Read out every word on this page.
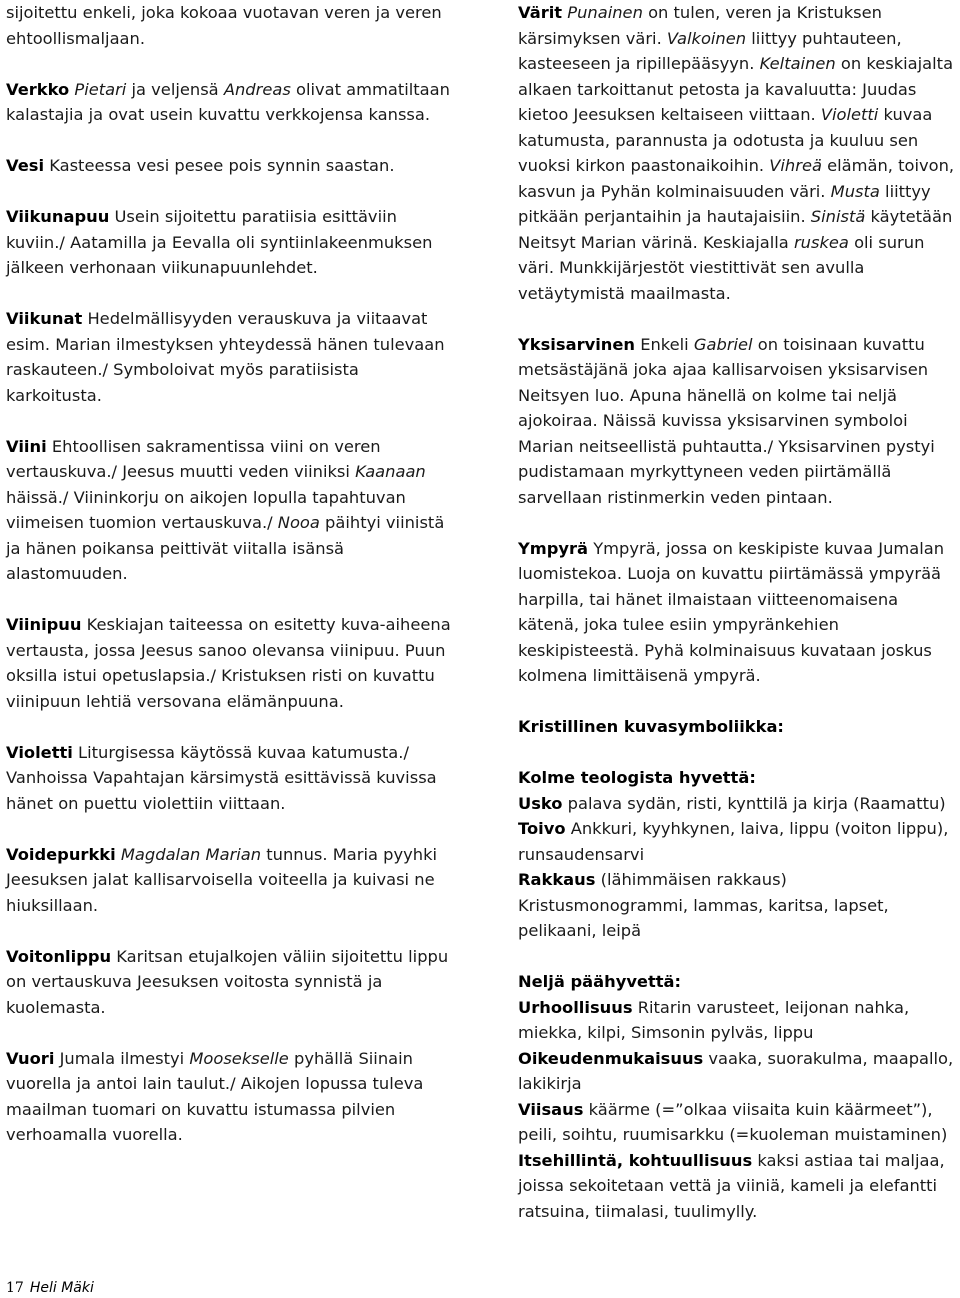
sijoitettu enkeli, joka kokoaa vuotavan veren ja veren ehtoollismaljaan.

Verkko Pietari ja veljensä Andreas olivat ammatiltaan kalastajia ja ovat usein kuvattu verkkojensa kanssa.

Vesi Kasteessa vesi pesee pois synnin saastan.

Viikunapuu Usein sijoitettu paratiisia esittäviin kuviin./ Aatamilla ja Eevalla oli syntiinlakeenmuksen jälkeen verhonaan viikunapuunlehdet.

Viikunat Hedelmällisyyden verauskuva ja viitaavat esim. Marian ilmestyksen yhteydessä hänen tulevaan raskauteen./ Symboloivat myös paratiisista karkoitusta.

Viini Ehtoollisen sakramentissa viini on veren vertauskuva./ Jeesus muutti veden viiniksi Kaanaan häissä./ Viininkorju on aikojen lopulla tapahtuvan viimeisen tuomion vertauskuva./ Nooa päihtyi viinistä ja hänen poikansa peittivät viitalla isänsä alastomuuden.

Viinipuu Keskiajan taiteessa on esitetty kuva-aiheena vertausta, jossa Jeesus sanoo olevansa viinipuu. Puun oksilla istui opetuslapsia./ Kristuksen risti on kuvattu viinipuun lehtiä versovana elämänpuuna.

Violetti Liturgisessa käytössä kuvaa katumusta./ Vanhoissa Vapahtajan kärsimystä esittävissä kuvissa hänet on puettu violettiin viittaan.

Voidepurkki Magdalan Marian tunnus. Maria pyyhki Jeesuksen jalat kallisarvoisella voiteella ja kuivasi ne hiuksillaan.

Voitonlippu Karitsan etujalkojen väliin sijoitettu lippu on vertauskuva Jeesuksen voitosta synnistä ja kuolemasta.

Vuori Jumala ilmestyi Moosekselle pyhällä Siinain vuorella ja antoi lain taulut./ Aikojen lopussa tuleva maailman tuomari on kuvattu istumassa pilvien verhoamalla vuorella.

Värit Punainen on tulen, veren ja Kristuksen kärsimyksen väri. Valkoinen liittyy puhtauteen, kasteeseen ja ripillepääsyyn. Keltainen on keskiajalta alkaen tarkoittanut petosta ja kavaluutta: Juudas kietoo Jeesuksen keltaiseen viittaan. Violetti kuvaa katumusta, parannusta ja odotusta ja kuuluu sen vuoksi kirkon paastonaikoihin. Vihreä elämän, toivon, kasvun ja Pyhän kolminaisuuden väri. Musta liittyy pitkään perjantaihin ja hautajaisiin. Sinistä käytetään Neitsyt Marian värinä. Keskiajalla ruskea oli surun väri. Munkkijärjestöt viestittivät sen avulla vetäytymistä maailmasta.

Yksisarvinen Enkeli Gabriel on toisinaan kuvattu metsästäjänä joka ajaa kallisarvoisen yksisarvisen Neitsyen luo. Apuna hänellä on kolme tai neljä ajokoiraa. Näissä kuvissa yksisarvinen symboloi Marian neitseellistä puhtautta./ Yksisarvinen pystyi pudistamaan myrkyttyneen veden piirtämällä sarvellaan ristinmerkin veden pintaan.

Ympyrä Ympyrä, jossa on keskipiste kuvaa Jumalan luomistekoa. Luoja on kuvattu piirtämässä ympyrää harpilla, tai hänet ilmaistaan viitteenomaisena kätenä, joka tulee esiin ympyränkehien keskipisteestä. Pyhä kolminaisuus kuvataan joskus kolmena limittäisenä ympyrä.

Kristillinen kuvasymboliikka:

Kolme teologista hyvettä:

Usko palava sydän, risti, kynttilä ja kirja (Raamattu)

Toivo Ankkuri, kyyhkynen, laiva, lippu (voiton lippu), runsaudensarvi

Rakkaus (lähimmäisen rakkaus) Kristusmonogrammi, lammas, karitsa, lapset, pelikaani, leipä

Neljä päähyvettä:

Urhoollisuus Ritarin varusteet, leijonan nahka, miekka, kilpi, Simsonin pylväs, lippu

Oikeudenmukaisuus vaaka, suorakulma, maapallo, lakikirja

Viisaus käärme (=”olkaa viisaita kuin käärmeet”), peili, soihtu, ruumisarkku (=kuoleman muistaminen)

Itsehillintä, kohtuullisuus kaksi astiaa tai maljaa, joissa sekoitetaan vettä ja viiniä, kameli ja elefantti ratsuina, tiimalasi, tuulimylly.

17 Heli Mäki
